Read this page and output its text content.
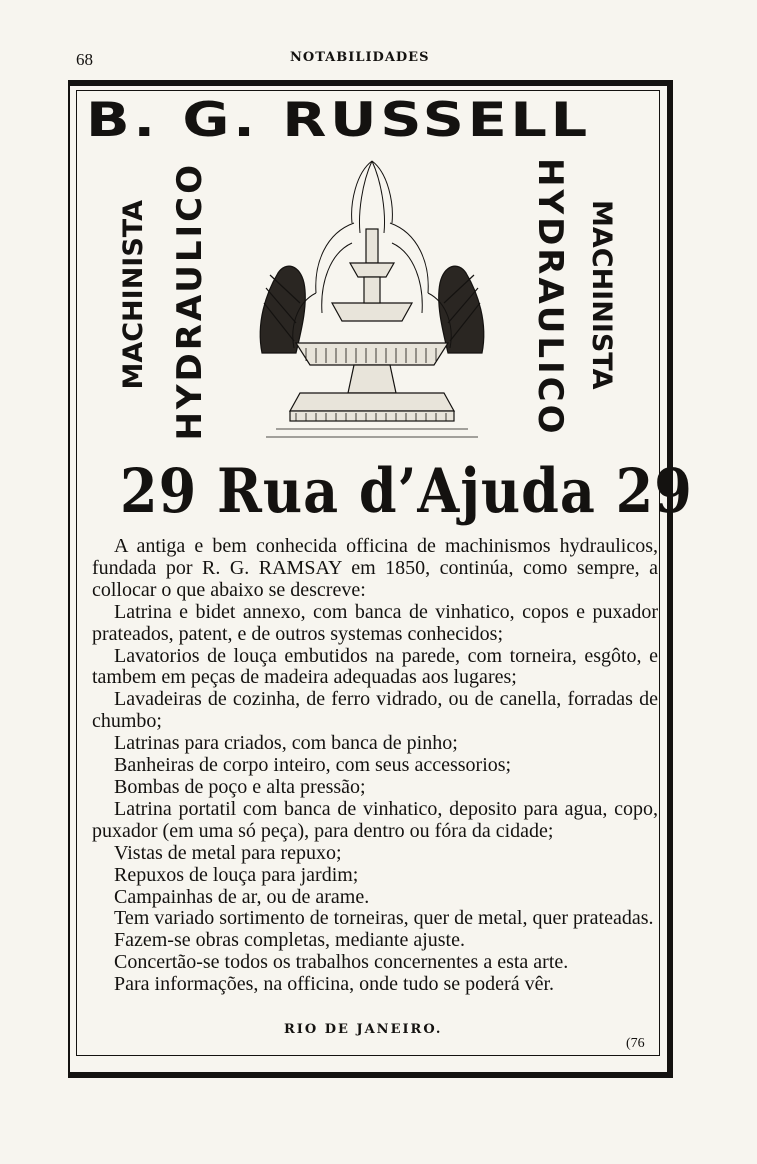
68	NOTABILIDADES
B. G. RUSSELL
MACHINISTA HYDRAULICO	HYDRAULICO MACHINISTA
29 Rua d’Ajuda 29

A antiga e bem conhecida officina de machinismos hydraulicos, fundada por R. G. RAMSAY em 1850, continúa, como sempre, a collocar o que abaixo se descreve:

Latrina e bidet annexo, com banca de vinhatico, copos e puxador prateados, patent, e de outros systemas conhecidos;

Lavatorios de louça embutidos na parede, com torneira, esgôto, e tambem em peças de madeira adequadas aos lugares;

Lavadeiras de cozinha, de ferro vidrado, ou de canella, forradas de chumbo;

Latrinas para criados, com banca de pinho;

Banheiras de corpo inteiro, com seus accessorios;

Bombas de poço e alta pressão;

Latrina portatil com banca de vinhatico, deposito para agua, copo, puxador (em uma só peça), para dentro ou fóra da cidade;

Vistas de metal para repuxo;

Repuxos de louça para jardim;

Campainhas de ar, ou de arame.

Tem variado sortimento de torneiras, quer de metal, quer prateadas.

Fazem-se obras completas, mediante ajuste.

Concertão-se todos os trabalhos concernentes a esta arte.

Para informações, na officina, onde tudo se poderá vêr.

RIO DE JANEIRO.
(76
